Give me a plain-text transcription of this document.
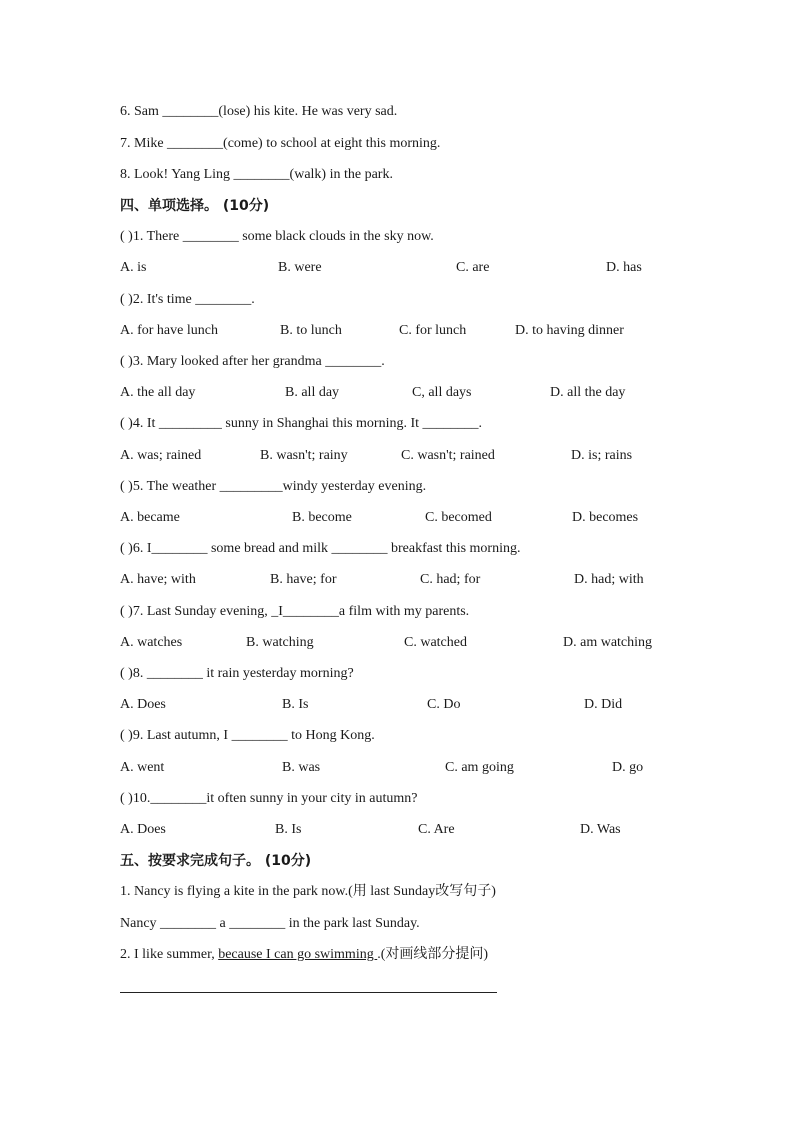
6. Sam ________(lose) his kite. He was very sad.
7. Mike ________(come) to school at eight this morning.
8. Look! Yang Ling ________(walk) in the park.
四、单项选择。 (10分)
( )1. There ________ some black clouds in the sky now.
A. is	B. were	C. are	D. has
( )2. It's time ________.
A. for have lunch	B. to lunch	C. for lunch	D. to having dinner
( )3. Mary looked after her grandma ________.
A. the all day	B. all day	C, all days	D. all the day
( )4. It _________ sunny in Shanghai this morning. It ________.
A. was; rained	B. wasn't; rainy	C. wasn't; rained	D. is; rains
( )5. The weather _________windy yesterday evening.
A. became	B. become	C. becomed	D. becomes
( )6. I________ some bread and milk ________ breakfast this morning.
A. have; with	B. have; for	C. had; for	D. had; with
( )7. Last Sunday evening, _I________a film with my parents.
A. watches	B. watching	C. watched	D. am watching
( )8. ________ it rain yesterday morning?
A. Does	B. Is	C. Do	D. Did
( )9. Last autumn, I ________ to Hong Kong.
A. went	B. was	C. am going	D. go
( )10.________it often sunny in your city in autumn?
A. Does	B. Is	C. Are	D. Was
五、按要求完成句子。 (10分)
1. Nancy is flying a kite in the park now.(用 last Sunday改写句子)
Nancy ________ a ________ in the park last Sunday.
2. I like summer, because I can go swimming .(对画线部分提问)
